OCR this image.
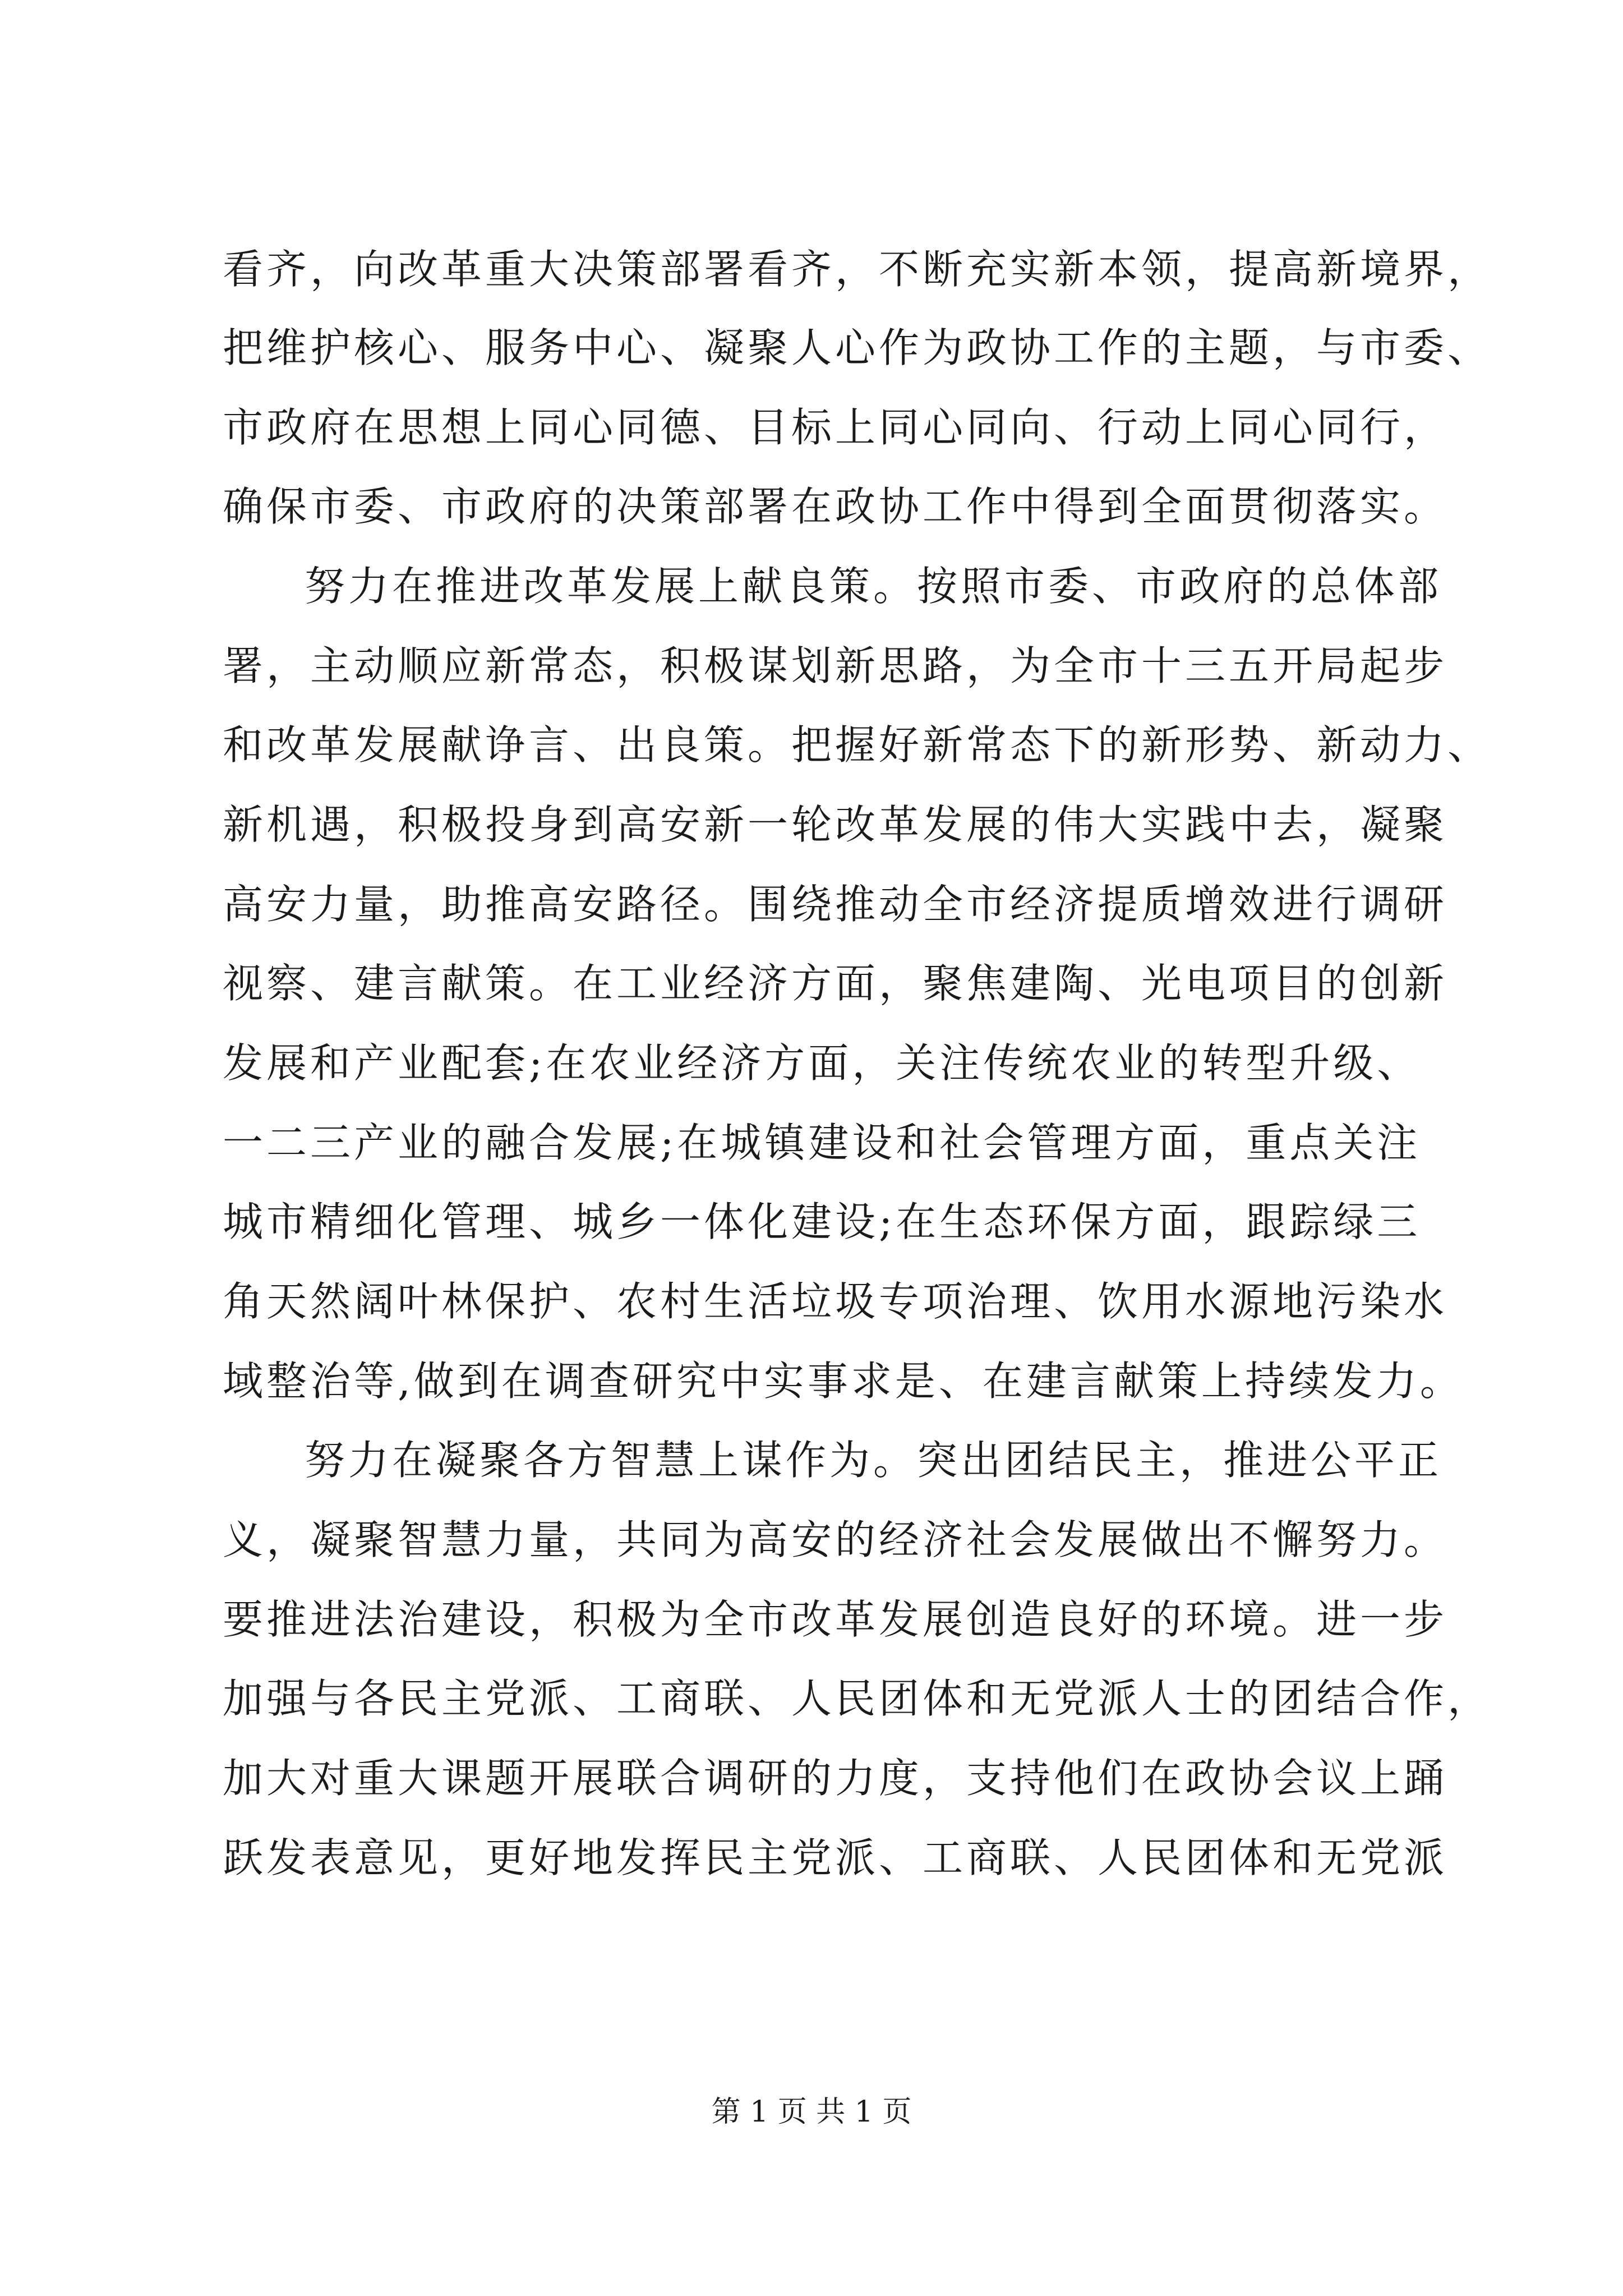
看齐，向改革重大决策部署看齐，不断充实新本领，提高新境界，
把维护核心、服务中心、凝聚人心作为政协工作的主题，与市委、
市政府在思想上同心同德、目标上同心同向、行动上同心同行，
确保市委、市政府的决策部署在政协工作中得到全面贯彻落实。
努力在推进改革发展上献良策。按照市委、市政府的总体部
署，主动顺应新常态，积极谋划新思路，为全市十三五开局起步
和改革发展献诤言、出良策。把握好新常态下的新形势、新动力、
新机遇，积极投身到高安新一轮改革发展的伟大实践中去，凝聚
高安力量，助推高安路径。围绕推动全市经济提质增效进行调研
视察、建言献策。在工业经济方面，聚焦建陶、光电项目的创新
发展和产业配套;在农业经济方面，关注传统农业的转型升级、
一二三产业的融合发展;在城镇建设和社会管理方面，重点关注
城市精细化管理、城乡一体化建设;在生态环保方面，跟踪绿三
角天然阔叶林保护、农村生活垃圾专项治理、饮用水源地污染水
域整治等,做到在调查研究中实事求是、在建言献策上持续发力。
努力在凝聚各方智慧上谋作为。突出团结民主，推进公平正
义，凝聚智慧力量，共同为高安的经济社会发展做出不懈努力。
要推进法治建设，积极为全市改革发展创造良好的环境。进一步
加强与各民主党派、工商联、人民团体和无党派人士的团结合作，
加大对重大课题开展联合调研的力度，支持他们在政协会议上踊
跃发表意见，更好地发挥民主党派、工商联、人民团体和无党派
第 1 页 共 1 页
